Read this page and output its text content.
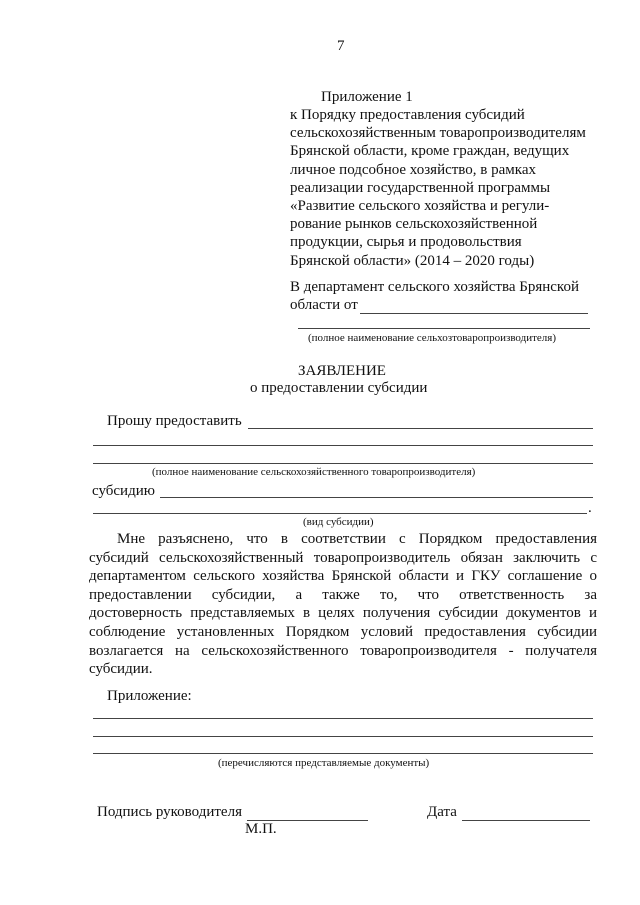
7
Приложение 1
к Порядку предоставления субсидий
сельскохозяйственным товаропроизводителям
Брянской области, кроме граждан, ведущих
личное подсобное хозяйство, в рамках
реализации государственной программы
«Развитие сельского хозяйства и регули-
рование рынков сельскохозяйственной
продукции, сырья и продовольствия
Брянской области» (2014 – 2020 годы)
В департамент сельского хозяйства Брянской
области от
(полное наименование сельхозтоваропроизводителя)
ЗАЯВЛЕНИЕ
о предоставлении субсидии
Прошу предоставить
(полное наименование сельскохозяйственного товаропроизводителя)
субсидию
.
(вид субсидии)
Мне разъяснено, что в соответствии с Порядком предоставления
субсидий сельскохозяйственный товаропроизводитель обязан заключить с
департаментом сельского хозяйства Брянской области и ГКУ соглашение о
предоставлении субсидии, а также то, что ответственность за
достоверность представляемых в целях получения субсидии документов и
соблюдение установленных Порядком условий предоставления субсидии
возлагается на сельскохозяйственного товаропроизводителя - получателя
субсидии.
Приложение:
(перечисляются представляемые документы)
Подпись руководителя	Дата
М.П.
